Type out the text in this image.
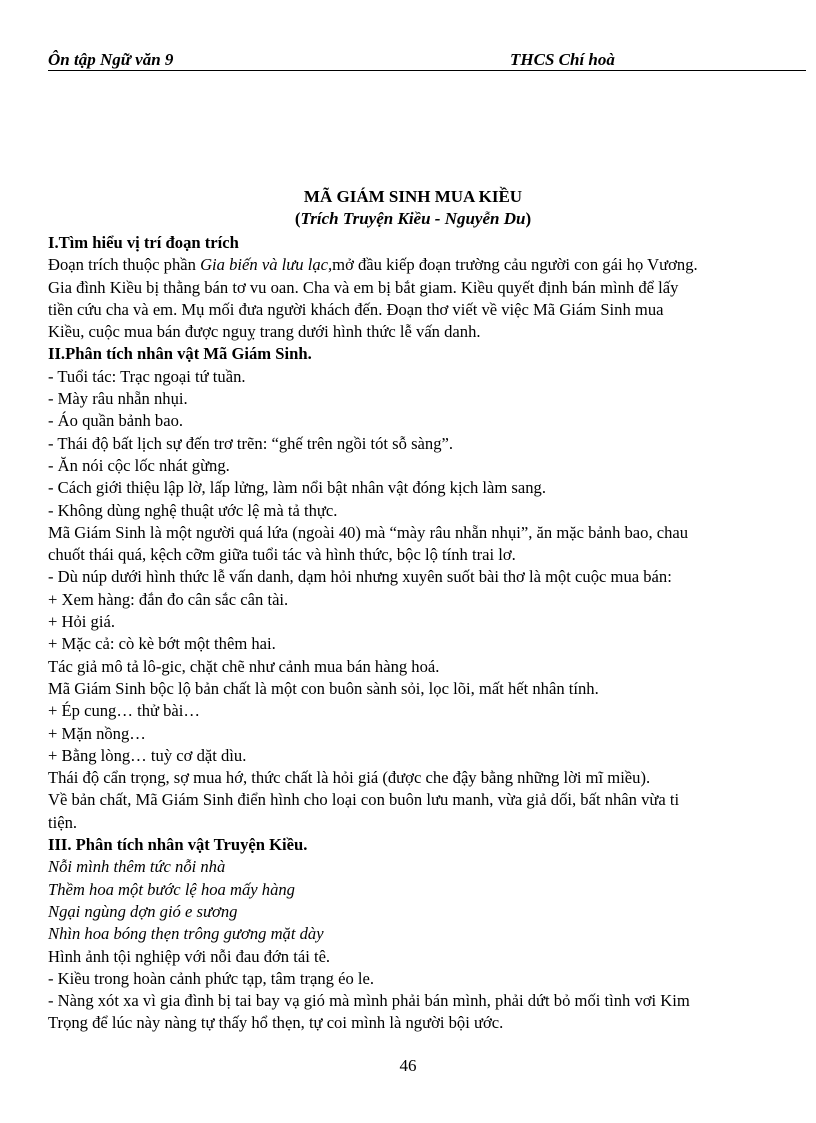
Ôn tập Ngữ văn 9	THCS Chí hoà
MÃ GIÁM SINH MUA KIỀU
(Trích Truyện Kiều - Nguyễn Du)

I.Tìm hiểu vị trí đoạn trích

Đoạn trích thuộc phần Gia biến và lưu lạc,mở đầu kiếp đoạn trường cảu người con gái họ Vương.

Gia đình Kiều bị thằng bán tơ vu oan. Cha và em bị bắt giam. Kiều quyết định bán mình để lấy

tiền cứu cha và em. Mụ mối đưa người khách đến. Đoạn thơ viết về việc Mã Giám Sinh mua

Kiều, cuộc mua bán được nguỵ trang dưới hình thức lễ vấn danh.

II.Phân tích nhân vật Mã Giám Sinh.

- Tuổi tác: Trạc ngoại tứ tuần.

- Mày râu nhẵn nhụi.

- Áo quần bảnh bao.

- Thái độ bất lịch sự đến trơ trẽn: “ghế trên ngồi tót sỗ sàng”.

- Ăn nói cộc lốc nhát gừng.

- Cách giới thiệu lập lờ, lấp lửng, làm nổi bật nhân vật đóng kịch làm sang.

- Không dùng nghệ thuật ước lệ mà tả thực.

Mã Giám Sinh là một người quá lứa (ngoài 40) mà “mày râu nhẵn nhụi”, ăn mặc bảnh bao, chau

chuốt thái quá, kệch cỡm giữa tuổi tác và hình thức, bộc lộ tính trai lơ.

- Dù núp dưới hình thức lễ vấn danh, dạm hỏi nhưng xuyên suốt bài thơ là một cuộc mua bán:

+ Xem hàng: đắn đo cân sắc cân tài.

+ Hỏi giá.

+ Mặc cả: cò kè bớt một thêm hai.

Tác giả mô tả lô-gic, chặt chẽ như cảnh mua bán hàng hoá.

Mã Giám Sinh bộc lộ bản chất là một con buôn sành sỏi, lọc lõi, mất hết nhân tính.

+ Ép cung… thử bài…

+ Mặn nồng…

+ Bằng lòng… tuỳ cơ dặt dìu.

Thái độ cẩn trọng, sợ mua hớ, thức chất là hỏi giá (được che đậy bằng những lời mĩ miều).

Về bản chất, Mã Giám Sinh điển hình cho loại con buôn lưu manh, vừa giả dối, bất nhân vừa ti

tiện.

III. Phân tích nhân vật Truyện Kiều.

Nỗi mình thêm tức nỗi nhà

Thềm hoa một bước lệ hoa mấy hàng

Ngại ngùng dợn gió e sương

Nhìn hoa bóng thẹn trông gương mặt dày

Hình ảnh tội nghiệp với nỗi đau đớn tái tê.

- Kiều trong hoàn cảnh phức tạp, tâm trạng éo le.

- Nàng xót xa vì gia đình bị tai bay vạ gió mà mình phải bán mình, phải dứt bỏ mối tình vơi Kim

Trọng để lúc này nàng tự thấy hổ thẹn, tự coi mình là người bội ước.

46
